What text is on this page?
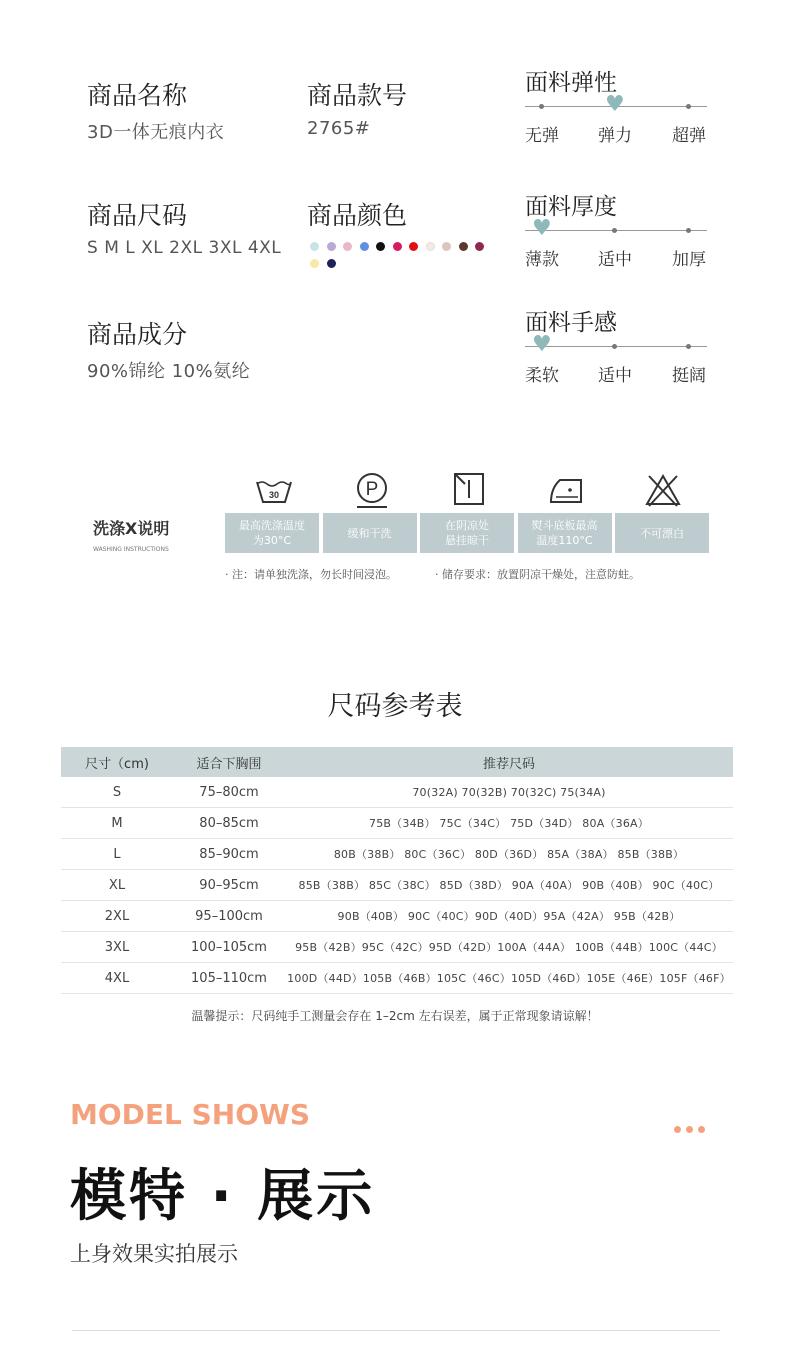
商品名称
3D一体无痕内衣
商品款号
2765#
商品尺码
S M L XL 2XL 3XL 4XL
商品颜色
商品成分
90%锦纶 10%氨纶
面料弹性
无弹
♥
弹力 超弹
面料厚度
♥
薄款 适中 加厚
面料手感
♥
柔软 适中 挺阔
洗涤X说明
WASHING INSTRUCTIONS
30	P
最高洗涤温度
为30°C
缓和干洗
在阴凉处
悬挂晾干
熨斗底板最高
温度110°C
不可漂白
· 注：请单独洗涤，勿长时间浸泡。	· 储存要求：放置阴凉干燥处，注意防蛀。
尺码参考表
尺寸（cm)	适合下胸围	推荐尺码
S	75–80cm	70(32A) 70(32B) 70(32C) 75(34A)
M	80–85cm	75B（34B） 75C（34C） 75D（34D） 80A（36A）
L	85–90cm	80B（38B） 80C（36C） 80D（36D） 85A（38A） 85B（38B）
XL	90–95cm	85B（38B） 85C（38C） 85D（38D） 90A（40A） 90B（40B） 90C（40C）
2XL	95–100cm	90B（40B） 90C（40C）90D（40D）95A（42A） 95B（42B）
3XL	100–105cm	95B（42B）95C（42C）95D（42D）100A（44A） 100B（44B）100C（44C）
4XL	105–110cm	100D（44D）105B（46B）105C（46C）105D（46D）105E（46E）105F（46F）
温馨提示：尺码纯手工测量会存在 1–2cm 左右误差，属于正常现象请谅解！
MODEL SHOWS
模特 · 展示
上身效果实拍展示
